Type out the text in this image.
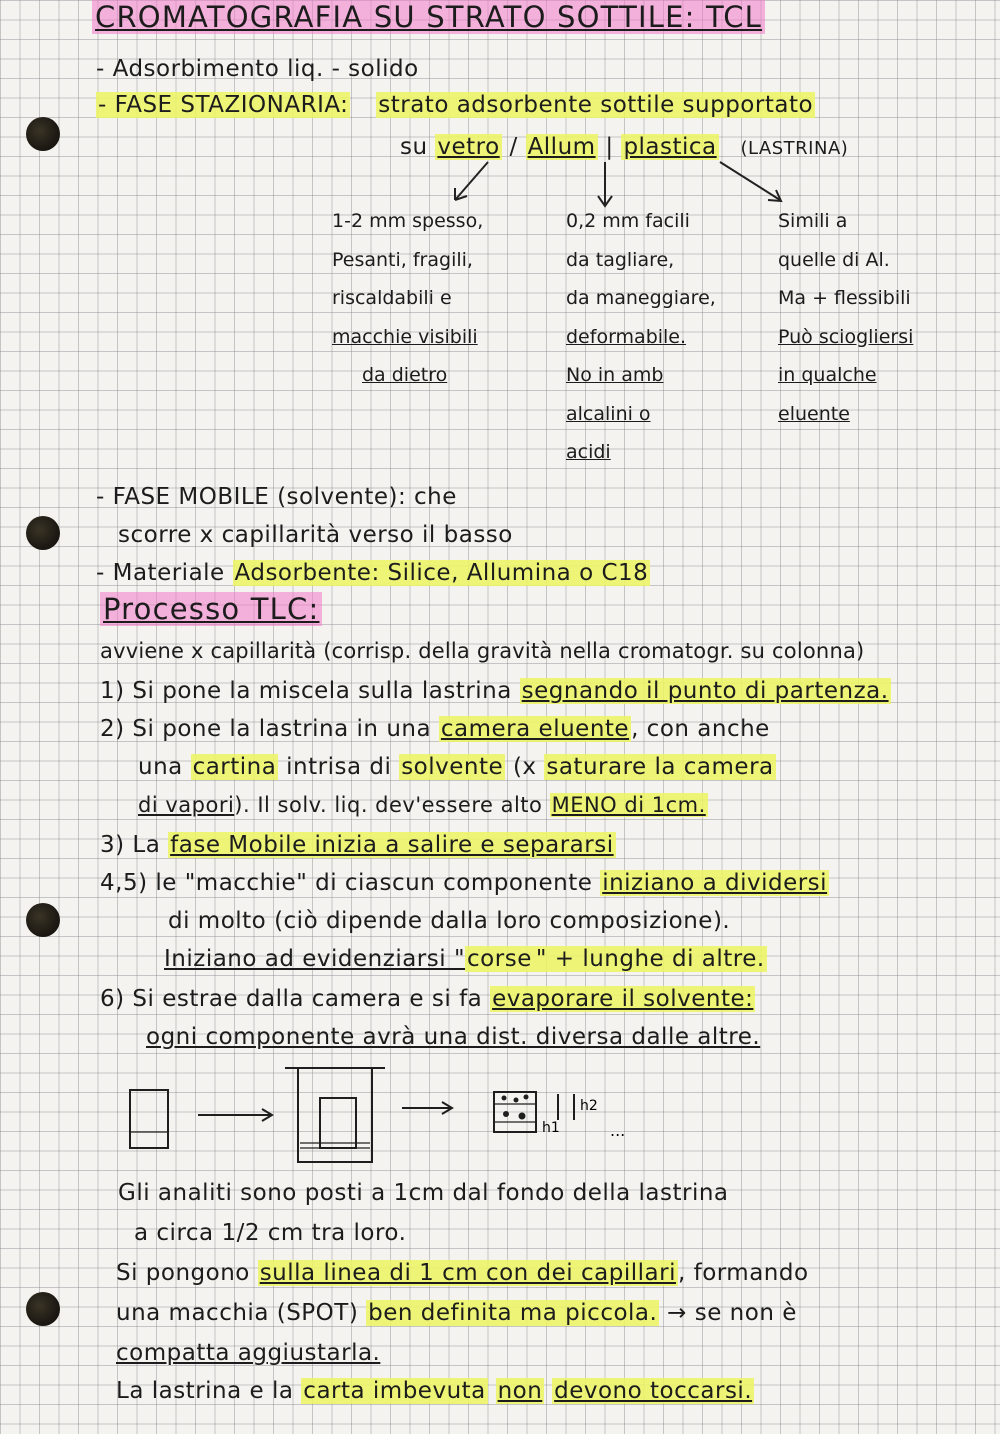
CROMATOGRAFIA SU STRATO SOTTILE: TCL
- Adsorbimento liq. - solido
- FASE STAZIONARIA: strato adsorbente sottile supportato
su vetro / Allum | plastica (LASTRINA)
1-2 mm spesso,
Pesanti, fragili,
riscaldabili e
macchie visibili
da dietro
0,2 mm facili
da tagliare,
da maneggiare,
deformabile.
No in amb
alcalini o
acidi
Simili a
quelle di Al.
Ma + flessibili
Può sciogliersi
in qualche
eluente
- FASE MOBILE (solvente): che
scorre x capillarità verso il basso
- Materiale Adsorbente: Silice, Allumina o C18
Processo TLC:
avviene x capillarità (corrisp. della gravità nella cromatogr. su colonna)
1) Si pone la miscela sulla lastrina segnando il punto di partenza.
2) Si pone la lastrina in una camera eluente, con anche
una cartina intrisa di solvente (x saturare la camera
di vapori). Il solv. liq. dev'essere alto MENO di 1cm.
3) La fase Mobile inizia a salire e separarsi
4,5) le "macchie" di ciascun componente iniziano a dividersi
di molto (ciò dipende dalla loro composizione).
Iniziano ad evidenziarsi "corse " + lunghe di altre.
6) Si estrae dalla camera e si fa evaporare il solvente:
ogni componente avrà una dist. diversa dalle altre.
h1
h2
...
Gli analiti sono posti a 1cm dal fondo della lastrina
a circa 1/2 cm tra loro.
Si pongono sulla linea di 1 cm con dei capillari, formando
una macchia (SPOT) ben definita ma piccola. → se non è
compatta aggiustarla.
La lastrina e la carta imbevuta non devono toccarsi.
